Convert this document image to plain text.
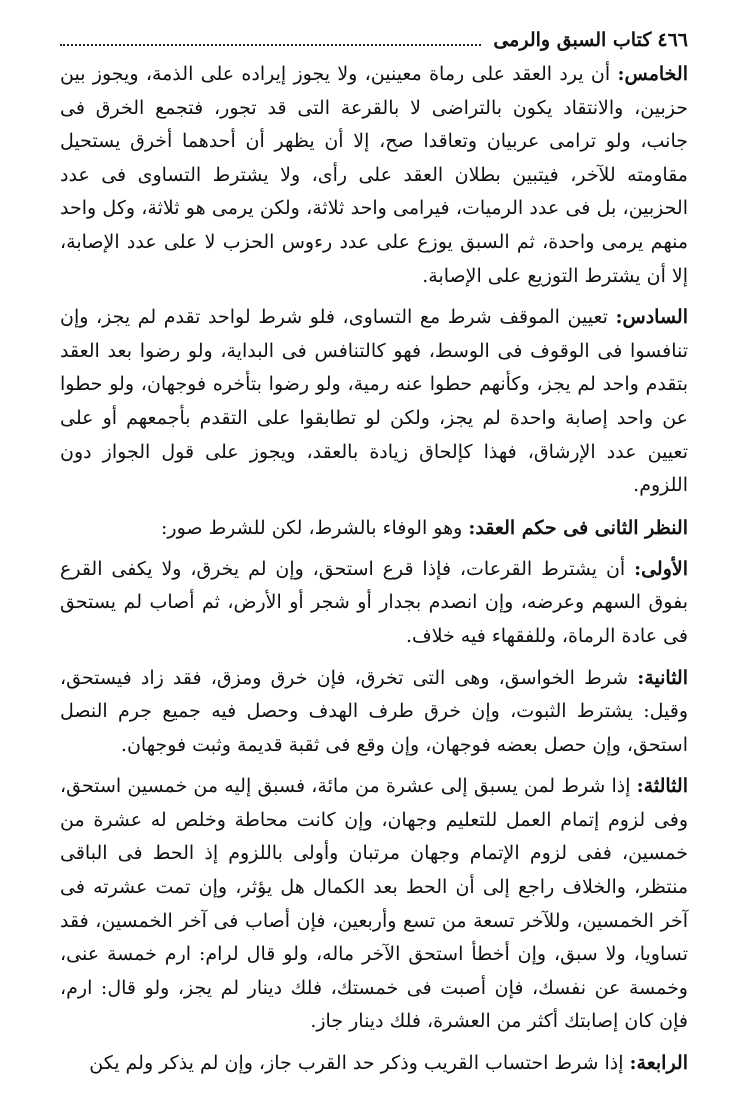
٤٦٦
كتاب السبق والرمى

الخامس: أن يرد العقد على رماة معينين، ولا يجوز إيراده على الذمة، ويجوز بين حزبين، والانتقاد يكون بالتراضى لا بالقرعة التى قد تجور، فتجمع الخرق فى جانب، ولو ترامى عربيان وتعاقدا صح، إلا أن يظهر أن أحدهما أخرق يستحيل مقاومته للآخر، فيتبين بطلان العقد على رأى، ولا يشترط التساوى فى عدد الحزبين، بل فى عدد الرميات، فيرامى واحد ثلاثة، ولكن يرمى هو ثلاثة، وكل واحد منهم يرمى واحدة، ثم السبق يوزع على عدد رءوس الحزب لا على عدد الإصابة، إلا أن يشترط التوزيع على الإصابة.

السادس: تعيين الموقف شرط مع التساوى، فلو شرط لواحد تقدم لم يجز، وإن تنافسوا فى الوقوف فى الوسط، فهو كالتنافس فى البداية، ولو رضوا بعد العقد بتقدم واحد لم يجز، وكأنهم حطوا عنه رمية، ولو رضوا بتأخره فوجهان، ولو حطوا عن واحد إصابة واحدة لم يجز، ولكن لو تطابقوا على التقدم بأجمعهم أو على تعيين عدد الإرشاق، فهذا كإلحاق زيادة بالعقد، ويجوز على قول الجواز دون اللزوم.

النظر الثانى فى حكم العقد: وهو الوفاء بالشرط، لكن للشرط صور:

الأولى: أن يشترط القرعات، فإذا قرع استحق، وإن لم يخرق، ولا يكفى القرع بفوق السهم وعرضه، وإن انصدم بجدار أو شجر أو الأرض، ثم أصاب لم يستحق فى عادة الرماة، وللفقهاء فيه خلاف.

الثانية: شرط الخواسق، وهى التى تخرق، فإن خرق ومزق، فقد زاد فيستحق، وقيل: يشترط الثبوت، وإن خرق طرف الهدف وحصل فيه جميع جرم النصل استحق، وإن حصل بعضه فوجهان، وإن وقع فى ثقبة قديمة وثبت فوجهان.

الثالثة: إذا شرط لمن يسبق إلى عشرة من مائة، فسبق إليه من خمسين استحق، وفى لزوم إتمام العمل للتعليم وجهان، وإن كانت محاطة وخلص له عشرة من خمسين، ففى لزوم الإتمام وجهان مرتبان وأولى باللزوم إذ الحط فى الباقى منتظر، والخلاف راجع إلى أن الحط بعد الكمال هل يؤثر، وإن تمت عشرته فى آخر الخمسين، وللآخر تسعة من تسع وأربعين، فإن أصاب فى آخر الخمسين، فقد تساويا، ولا سبق، وإن أخطأ استحق الآخر ماله، ولو قال لرام: ارم خمسة عنى، وخمسة عن نفسك، فإن أصبت فى خمستك، فلك دينار لم يجز، ولو قال: ارم، فإن كان إصابتك أكثر من العشرة، فلك دينار جاز.

الرابعة: إذا شرط احتساب القريب وذكر حد القرب جاز، وإن لم يذكر ولم يكن
